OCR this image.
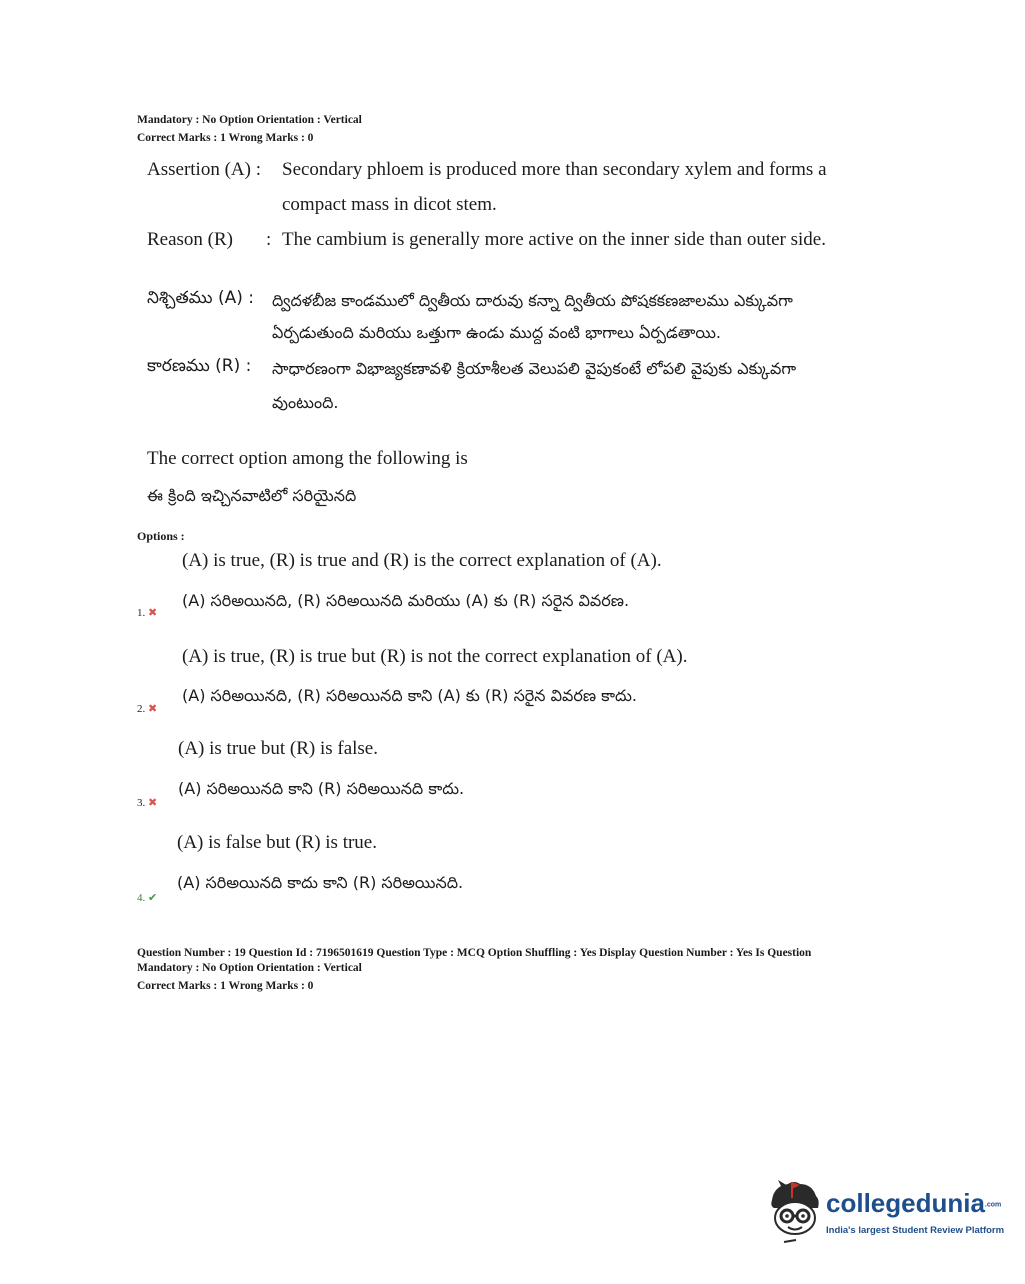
Mandatory : No Option Orientation : Vertical
Correct Marks : 1 Wrong Marks : 0
Assertion (A) : Secondary phloem is produced more than secondary xylem and forms a
compact mass in dicot stem.
Reason (R) : The cambium is generally more active on the inner side than outer side.
నిశ్చితము (A) : ద్విదళబీజ కాండములో ద్వితీయ దారువు కన్నా ద్వితీయ పోషకకణజాలము ఎక్కువగా
ఏర్పడుతుంది మరియు ఒత్తుగా ఉండు ముద్ద వంటి భాగాలు ఏర్పడతాయి.
కారణము (R) : సాధారణంగా విభాజ్యకణావళి క్రియాశీలత వెలుపలి వైపుకంటే లోపలి వైపుకు ఎక్కువగా
వుంటుంది.
The correct option among the following is
ఈ క్రింది ఇచ్చినవాటిలో సరియైనది
Options :
(A) is true, (R) is true and (R) is the correct explanation of (A).
(A) సరిఅయినది, (R) సరిఅయినది మరియు (A) కు (R) సరైన వివరణ.
1. ✖
(A) is true, (R) is true but (R) is not the correct explanation of (A).
(A) సరిఅయినది, (R) సరిఅయినది కాని (A) కు (R) సరైన వివరణ కాదు.
2. ✖
(A) is true but (R) is false.
(A) సరిఅయినది కాని (R) సరిఅయినది కాదు.
3. ✖
(A) is false but (R) is true.
(A) సరిఅయినది కాదు కాని (R) సరిఅయినది.
4. ✔
Question Number : 19 Question Id : 7196501619 Question Type : MCQ Option Shuffling : Yes Display Question Number : Yes Is Question
Mandatory : No Option Orientation : Vertical
Correct Marks : 1 Wrong Marks : 0
collegedunia.com
India's largest Student Review Platform
